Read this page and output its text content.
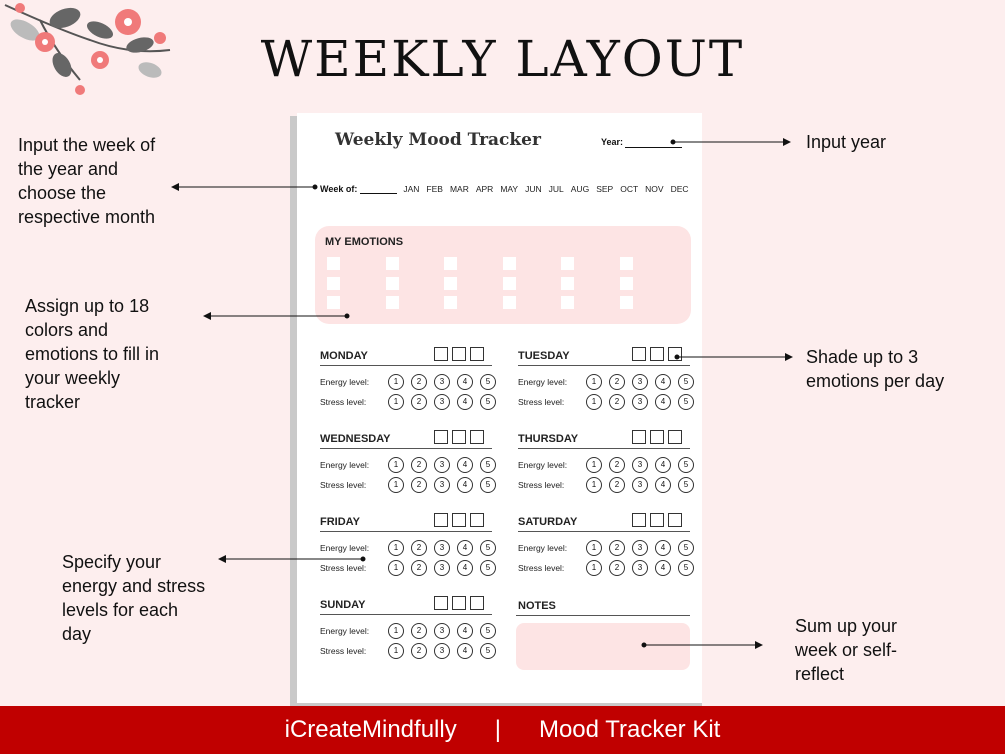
WEEKLY LAYOUT
Input the week of
the year and
choose the
respective month
Assign up to 18
colors and
emotions to fill in
your weekly
tracker
Specify your
energy and stress
levels for each
day
Input year
Shade up to 3
emotions per day
Sum up your
week or self-
reflect
Weekly Mood Tracker	Year:
Week of:	JAN FEB MAR APR MAY JUN JUL AUG SEP OCT NOV DEC
MY EMOTIONS
MONDAY
Energy level:	1	2	3	4	5
Stress level:	1	2	3	4	5
TUESDAY
Energy level:	1	2	3	4	5
Stress level:	1	2	3	4	5
WEDNESDAY
Energy level:	1	2	3	4	5
Stress level:	1	2	3	4	5
THURSDAY
Energy level:	1	2	3	4	5
Stress level:	1	2	3	4	5
FRIDAY
Energy level:	1	2	3	4	5
Stress level:	1	2	3	4	5
SATURDAY
Energy level:	1	2	3	4	5
Stress level:	1	2	3	4	5
SUNDAY
Energy level:	1	2	3	4	5
Stress level:	1	2	3	4	5
NOTES
iCreateMindfully | Mood Tracker Kit
